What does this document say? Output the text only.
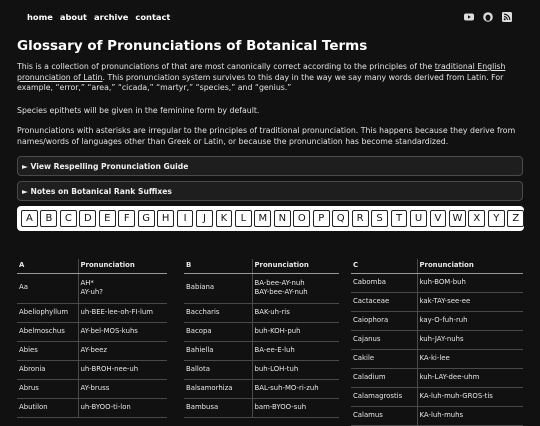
home about archive contact
Glossary of Pronunciations of Botanical Terms

This is a collection of pronunciations of that are most canonically correct according to the principles of the traditional English pronunciation of Latin. This pronunciation system survives to this day in the way we say many words derived from Latin. For example, “error,” “area,” “cicada,” “martyr,” “species,” and “genius.”

Species epithets will be given in the feminine form by default.

Pronunciations with asterisks are irregular to the principles of traditional pronunciation. This happens because they derive from names/words of languages other than Greek or Latin, or because the pronunciation has become standardized.

► View Respelling Pronunciation Guide
► Notes on Botanical Rank Suffixes
A	B	C	D	E	F	G	H	I	J	K	L	M	N	O	P	Q	R	S	T	U	V	W	X	Y	Z
A	Pronunciation
Aa	AH*
AY-uh?
Abeliophyllum	uh-BEE-lee-oh-FI-lum
Abelmoschus	AY-bel-MOS-kuhs
Abies	AY-beez
Abronia	uh-BROH-nee-uh
Abrus	AY-bruss
Abutilon	uh-BYOO-ti-lon
B	Pronunciation
Babiana	BA-bee-AY-nuh
BAY-bee-AY-nuh
Baccharis	BAK-uh-ris
Bacopa	buh-KOH-puh
Bahiella	BA-ee-E-luh
Ballota	buh-LOH-tuh
Balsamorhiza	BAL-suh-MO-ri-zuh
Bambusa	bam-BYOO-suh
C	Pronunciation
Cabomba	kuh-BOM-buh
Cactaceae	kak-TAY-see-ee
Caiophora	kay-O-fuh-ruh
Cajanus	kuh-JAY-nuhs
Cakile	KA-ki-lee
Caladium	kuh-LAY-dee-uhm
Calamagrostis	KA-luh-muh-GROS-tis
Calamus	KA-luh-muhs
